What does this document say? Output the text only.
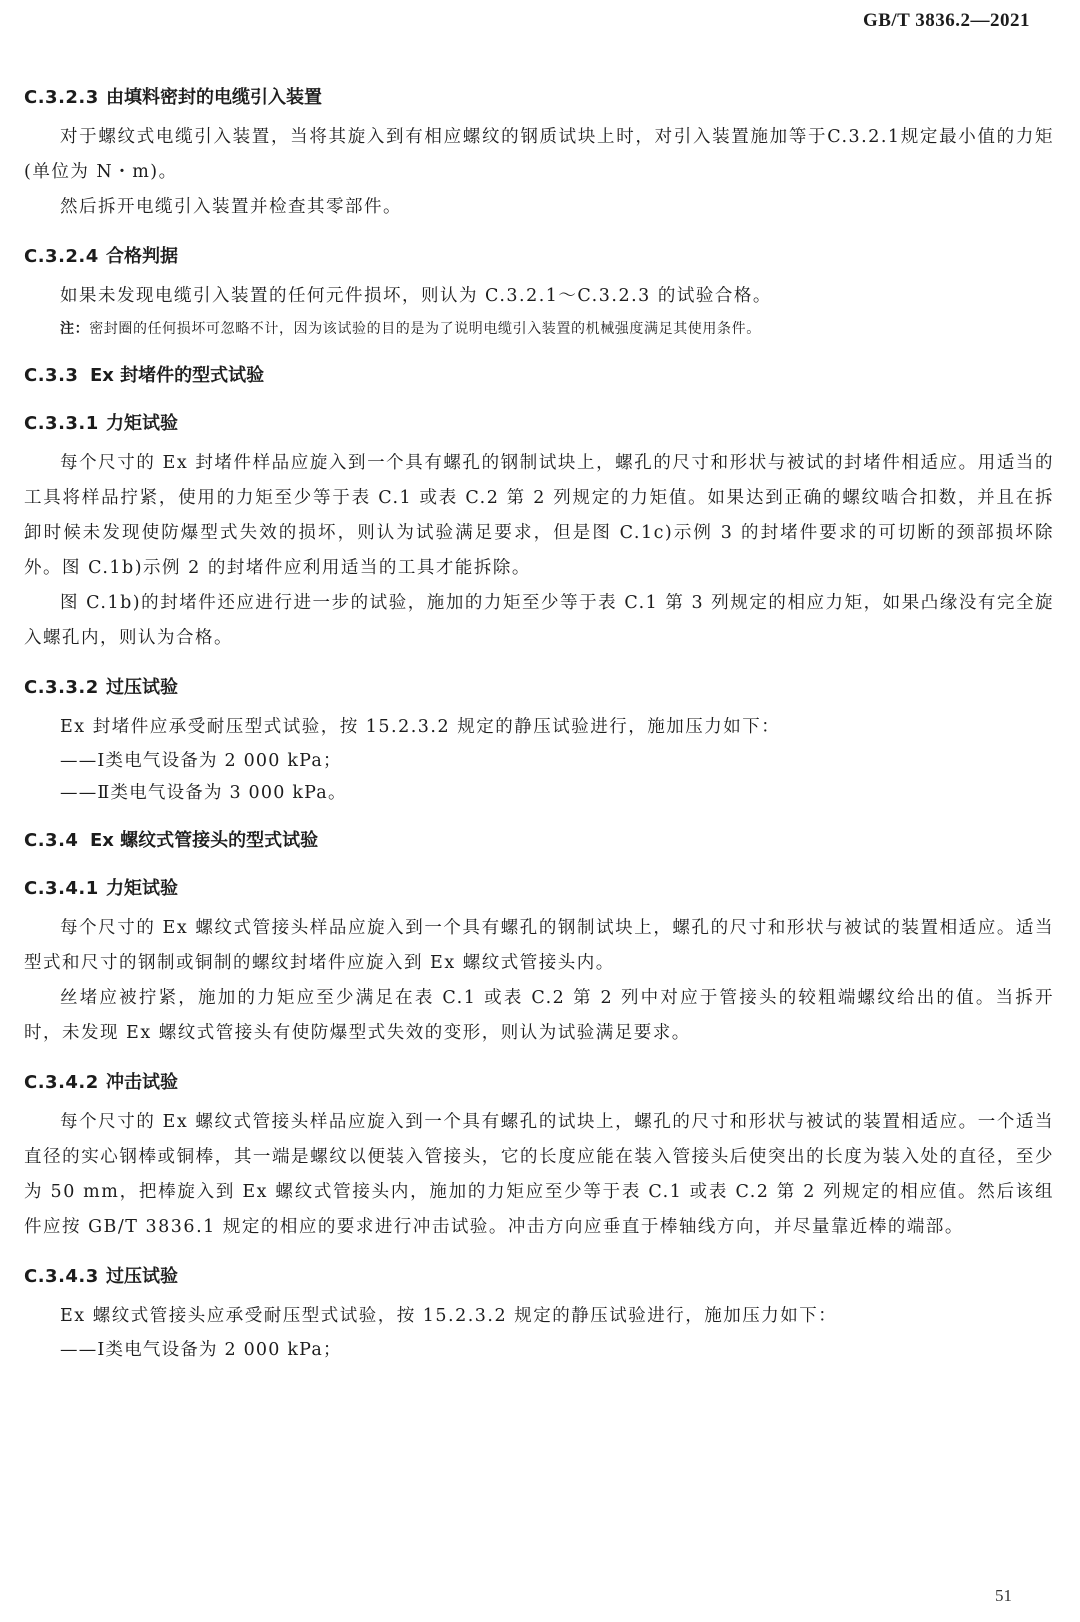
GB/T 3836.2—2021
C.3.2.3 由填料密封的电缆引入装置

对于螺纹式电缆引入装置，当将其旋入到有相应螺纹的钢质试块上时，对引入装置施加等于C.3.2.1规定最小值的力矩(单位为 N・m)。

然后拆开电缆引入装置并检查其零部件。

C.3.2.4 合格判据

如果未发现电缆引入装置的任何元件损坏，则认为 C.3.2.1～C.3.2.3 的试验合格。

注：密封圈的任何损坏可忽略不计，因为该试验的目的是为了说明电缆引入装置的机械强度满足其使用条件。

C.3.3 Ex 封堵件的型式试验
C.3.3.1 力矩试验

每个尺寸的 Ex 封堵件样品应旋入到一个具有螺孔的钢制试块上，螺孔的尺寸和形状与被试的封堵件相适应。用适当的工具将样品拧紧，使用的力矩至少等于表 C.1 或表 C.2 第 2 列规定的力矩值。如果达到正确的螺纹啮合扣数，并且在拆卸时候未发现使防爆型式失效的损坏，则认为试验满足要求，但是图 C.1c)示例 3 的封堵件要求的可切断的颈部损坏除外。图 C.1b)示例 2 的封堵件应利用适当的工具才能拆除。

图 C.1b)的封堵件还应进行进一步的试验，施加的力矩至少等于表 C.1 第 3 列规定的相应力矩，如果凸缘没有完全旋入螺孔内，则认为合格。

C.3.3.2 过压试验

Ex 封堵件应承受耐压型式试验，按 15.2.3.2 规定的静压试验进行，施加压力如下：

——Ⅰ类电气设备为 2 000 kPa；

——Ⅱ类电气设备为 3 000 kPa。

C.3.4 Ex 螺纹式管接头的型式试验
C.3.4.1 力矩试验

每个尺寸的 Ex 螺纹式管接头样品应旋入到一个具有螺孔的钢制试块上，螺孔的尺寸和形状与被试的装置相适应。适当型式和尺寸的钢制或铜制的螺纹封堵件应旋入到 Ex 螺纹式管接头内。

丝堵应被拧紧，施加的力矩应至少满足在表 C.1 或表 C.2 第 2 列中对应于管接头的较粗端螺纹给出的值。当拆开时，未发现 Ex 螺纹式管接头有使防爆型式失效的变形，则认为试验满足要求。

C.3.4.2 冲击试验

每个尺寸的 Ex 螺纹式管接头样品应旋入到一个具有螺孔的试块上，螺孔的尺寸和形状与被试的装置相适应。一个适当直径的实心钢棒或铜棒，其一端是螺纹以便装入管接头，它的长度应能在装入管接头后使突出的长度为装入处的直径，至少为 50 mm，把棒旋入到 Ex 螺纹式管接头内，施加的力矩应至少等于表 C.1 或表 C.2 第 2 列规定的相应值。然后该组件应按 GB/T 3836.1 规定的相应的要求进行冲击试验。冲击方向应垂直于棒轴线方向，并尽量靠近棒的端部。

C.3.4.3 过压试验

Ex 螺纹式管接头应承受耐压型式试验，按 15.2.3.2 规定的静压试验进行，施加压力如下：

——Ⅰ类电气设备为 2 000 kPa；

51
